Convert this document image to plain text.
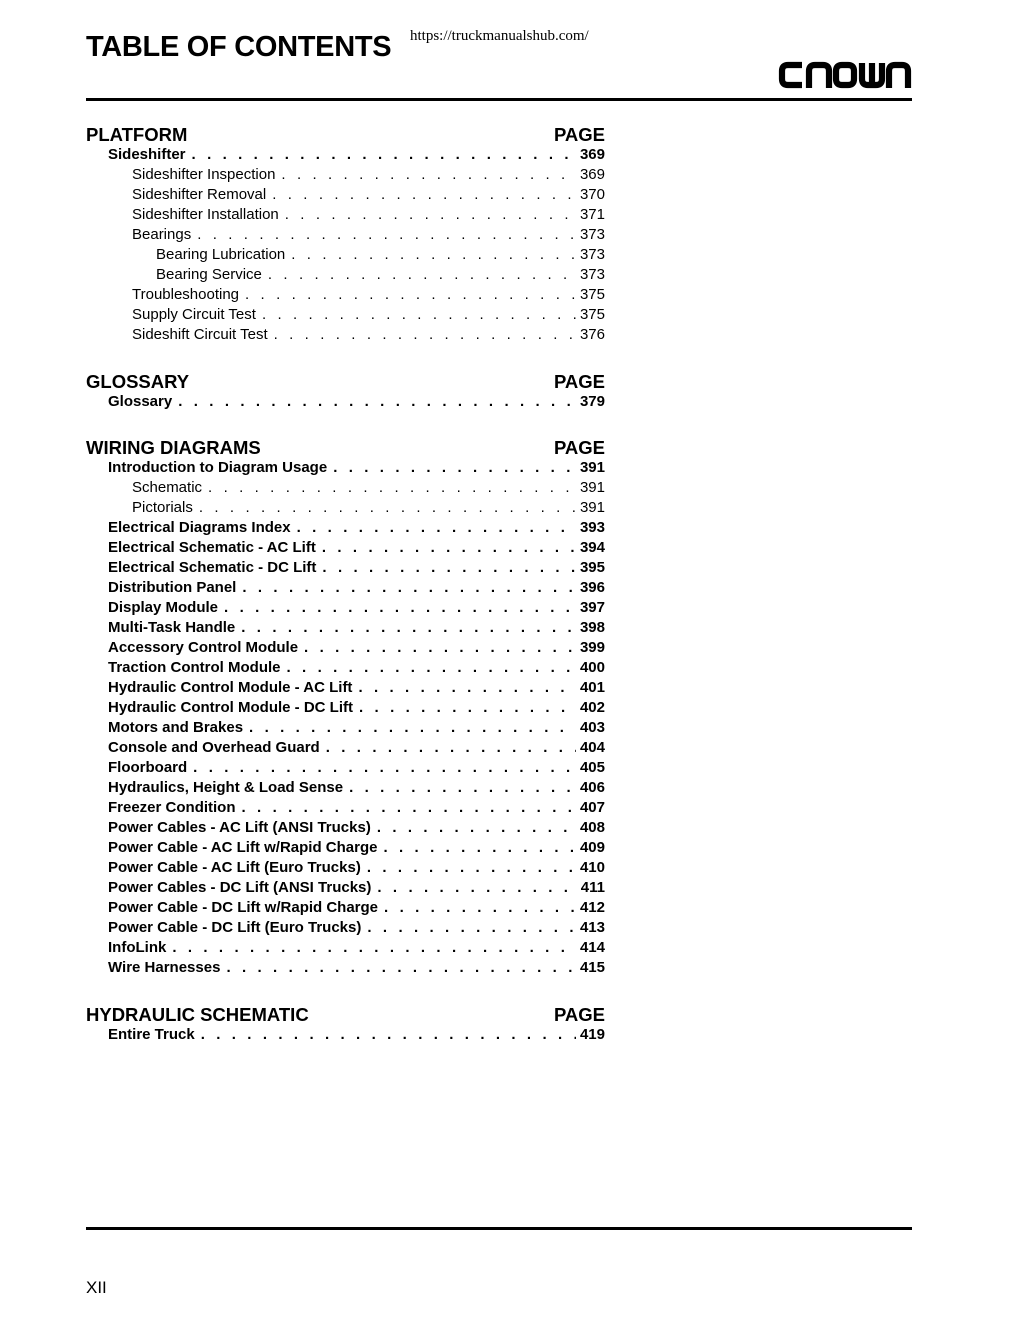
TABLE OF CONTENTS https://truckmanualshub.com/
PLATFORM	PAGE
Sideshifter . . .	369
Sideshifter Inspection . . .	369
Sideshifter Removal . . .	370
Sideshifter Installation . . .	371
Bearings . . .	373
Bearing Lubrication . . .	373
Bearing Service . . .	373
Troubleshooting . . .	375
Supply Circuit Test . . .	375
Sideshift Circuit Test . . .	376
GLOSSARY	PAGE
Glossary . . .	379
WIRING DIAGRAMS	PAGE
Introduction to Diagram Usage . . .	391
Schematic . . .	391
Pictorials . . .	391
Electrical Diagrams Index . . .	393
Electrical Schematic - AC Lift . . .	394
Electrical Schematic - DC Lift . . .	395
Distribution Panel . . .	396
Display Module . . .	397
Multi-Task Handle . . .	398
Accessory Control Module . . .	399
Traction Control Module . . .	400
Hydraulic Control Module - AC Lift . . .	401
Hydraulic Control Module - DC Lift . . .	402
Motors and Brakes . . .	403
Console and Overhead Guard . . .	404
Floorboard . . .	405
Hydraulics, Height & Load Sense . . .	406
Freezer Condition . . .	407
Power Cables - AC Lift (ANSI Trucks) . . .	408
Power Cable - AC Lift w/Rapid Charge . . .	409
Power Cable - AC Lift (Euro Trucks) . . .	410
Power Cables - DC Lift (ANSI Trucks) . . .	411
Power Cable - DC Lift w/Rapid Charge . . .	412
Power Cable - DC Lift (Euro Trucks) . . .	413
InfoLink . . .	414
Wire Harnesses . . .	415
HYDRAULIC SCHEMATIC	PAGE
Entire Truck . . .	419
XII
